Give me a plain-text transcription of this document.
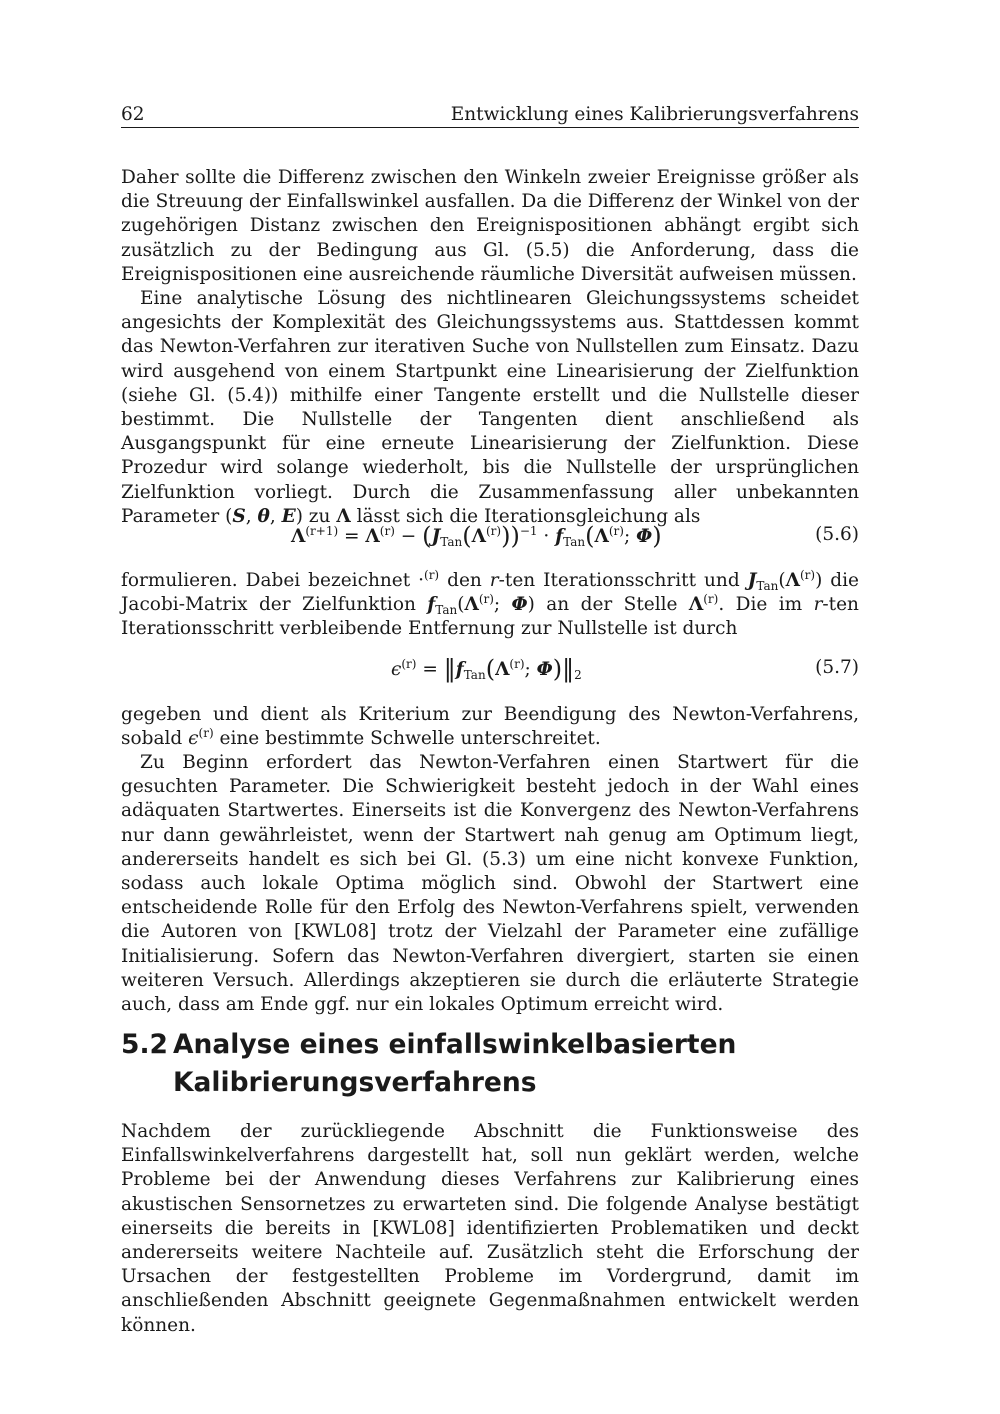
62	Entwicklung eines Kalibrierungsverfahrens

Daher sollte die Differenz zwischen den Winkeln zweier Ereignisse größer als die Streuung der Einfallswinkel ausfallen. Da die Differenz der Winkel von der zugehörigen Distanz zwischen den Ereignispositionen abhängt ergibt sich zusätzlich zu der Bedingung aus Gl. (5.5) die Anforderung, dass die Ereignispositionen eine ausreichende räumliche Diversität aufweisen müssen.

Eine analytische Lösung des nichtlinearen Gleichungssystems scheidet angesichts der Komplexität des Gleichungssystems aus. Stattdessen kommt das Newton-Verfahren zur iterativen Suche von Nullstellen zum Einsatz. Dazu wird ausgehend von einem Startpunkt eine Linearisierung der Zielfunktion (siehe Gl. (5.4)) mithilfe einer Tangente erstellt und die Nullstelle dieser bestimmt. Die Nullstelle der Tangenten dient anschließend als Ausgangspunkt für eine erneute Linearisierung der Zielfunktion. Diese Prozedur wird solange wiederholt, bis die Nullstelle der ursprünglichen Zielfunktion vorliegt. Durch die Zusammenfassung aller unbekannten Parameter (S, θ, E) zu Λ lässt sich die Iterationsgleichung als

$\Lambda^{(r+1)} = \Lambda^{(r)} - (J_{Tan}(\Lambda^{(r)}))^{-1} \cdot f_{Tan}(\Lambda^{(r)}$; Φ)	(5.6)

formulieren. Dabei bezeichnet ·$^{(r)}$ den r-ten Iterationsschritt und $J_{Tan}(\Lambda^{(r)})$ die Jacobi-Matrix der Zielfunktion $f_{Tan}(\Lambda^{(r)}$; Φ) an der Stelle $\Lambda^{(r)}$. Die im r-ten Iterationsschritt verbleibende Entfernung zur Nullstelle ist durch

$\epsilon^{(r)}$ = $‖f_{Tan}(\Lambda^{(r)}$; $\Phi)‖_2$	(5.7)

gegeben und dient als Kriterium zur Beendigung des Newton-Verfahrens, sobald $\epsilon^{(r)}$ eine bestimmte Schwelle unterschreitet.

Zu Beginn erfordert das Newton-Verfahren einen Startwert für die gesuchten Parameter. Die Schwierigkeit besteht jedoch in der Wahl eines adäquaten Startwertes. Einerseits ist die Konvergenz des Newton-Verfahrens nur dann gewährleistet, wenn der Startwert nah genug am Optimum liegt, andererseits handelt es sich bei Gl. (5.3) um eine nicht konvexe Funktion, sodass auch lokale Optima möglich sind. Obwohl der Startwert eine entscheidende Rolle für den Erfolg des Newton-Verfahrens spielt, verwenden die Autoren von [KWL08] trotz der Vielzahl der Parameter eine zufällige Initialisierung. Sofern das Newton-Verfahren divergiert, starten sie einen weiteren Versuch. Allerdings akzeptieren sie durch die erläuterte Strategie auch, dass am Ende ggf. nur ein lokales Optimum erreicht wird.

5.2 Analyse eines einfallswinkelbasierten Kalibrierungsverfahrens

Nachdem der zurückliegende Abschnitt die Funktionsweise des Einfallswinkelverfahrens dargestellt hat, soll nun geklärt werden, welche Probleme bei der Anwendung dieses Verfahrens zur Kalibrierung eines akustischen Sensornetzes zu erwarteten sind. Die folgende Analyse bestätigt einerseits die bereits in [KWL08] identifizierten Problematiken und deckt andererseits weitere Nachteile auf. Zusätzlich steht die Erforschung der Ursachen der festgestellten Probleme im Vordergrund, damit im anschließenden Abschnitt geeignete Gegenmaßnahmen entwickelt werden können.
